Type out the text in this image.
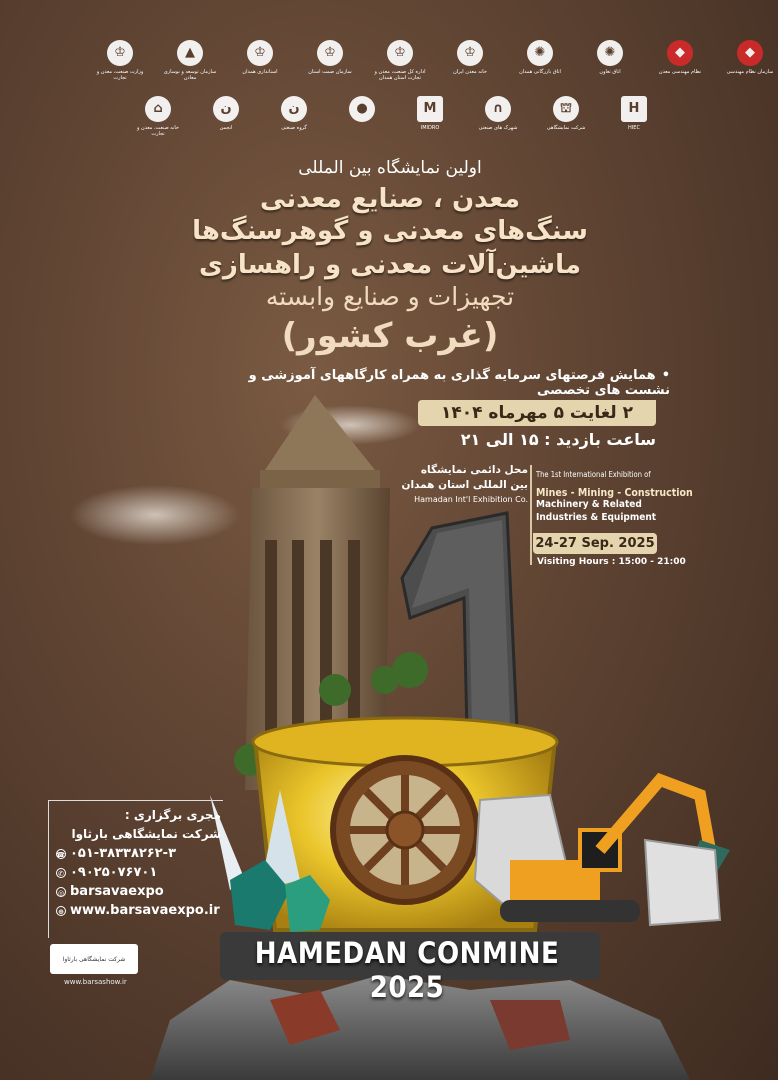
♔
وزارت صنعت، معدن و تجارت
▲
سازمان توسعه و نوسازی معادن
♔
استانداری همدان
♔
سازمان صمت استان
♔
اداره کل صنعت، معدن و تجارت استان همدان
♔
خانه معدن ایران
✺
اتاق بازرگانی همدان
✺
اتاق تعاون
◆
نظام مهندسی معدن
◆
سازمان نظام مهندسی
⌂
خانه صنعت، معدن و تجارت
ن
انجمن
ن
گروه صنعتی
●	M
IMIDRO
∩
شهرک های صنعتی
⛫
شرکت نمایشگاهی
H
HIEC
اولین نمایشگاه بین المللی
معدن ، صنایع معدنی
سنگ‌های معدنی و گوهرسنگ‌ها
ماشین‌آلات معدنی و راهسازی
تجهیزات و صنایع وابسته
(غرب کشور)
• همایش فرصتهای سرمایه گذاری به همراه کارگاههای آموزشی و نشست های تخصصی
۲ لغایت ۵ مهرماه ۱۴۰۴
ساعت بازدید : ۱۵ الی ۲۱
محل دائمی نمایشگاه
بین المللی استان همدان
Hamadan Int'l Exhibition Co.
The 1st International Exhibition of
Mines - Mining - Construction
Machinery & Related
Industries & Equipment
24-27 Sep. 2025
Visiting Hours : 15:00 - 21:00
HAMEDAN CONMINE 2025
مجری برگزاری :
شرکت نمایشگاهی بارثاوا
۰۵۱-۳۸۳۳۸۲۶۲-۳
☎
۰۹۰۲۵۰۷۶۷۰۱
✆
◎ barsavaexpo
⊕ www.barsavaexpo.ir
شرکت نمایشگاهی بارثاوا
www.barsashow.ir
